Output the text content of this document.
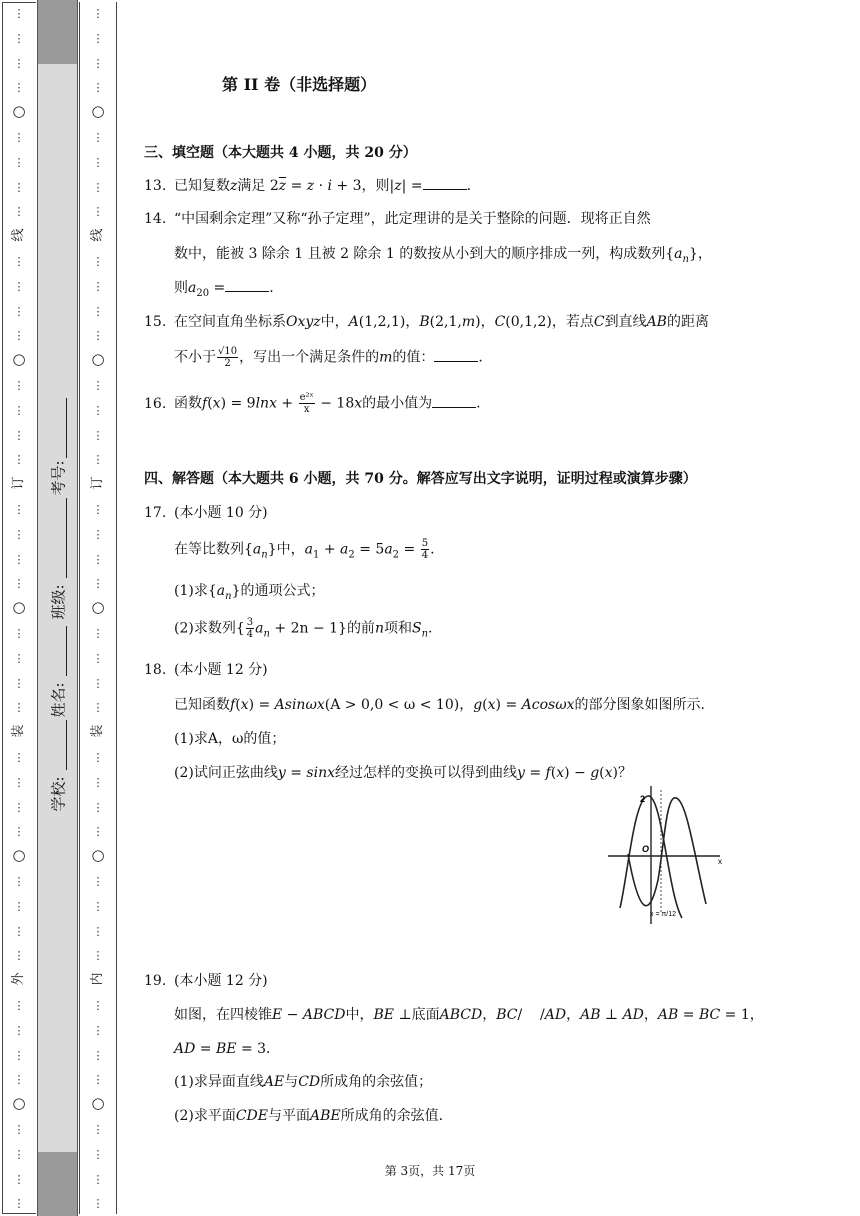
⋮
⋮
⋮
⋮
⋮
⋮
⋮
⋮
⋮
⋮
⋮
⋮
⋮
⋮
⋮
⋮
⋮
⋮
⋮
⋮
⋮
⋮
⋮
⋮
⋮
⋮
⋮
⋮
⋮
⋮
⋮
⋮
⋮
⋮
⋮
⋮
⋮
⋮
⋮
⋮
○
○
○
○
○
线
订
装
外
学校:
姓名:
班级:
考号:
⋮
⋮
⋮
⋮
⋮
⋮
⋮
⋮
⋮
⋮
⋮
⋮
⋮
⋮
⋮
⋮
⋮
⋮
⋮
⋮
⋮
⋮
⋮
⋮
⋮
⋮
⋮
⋮
⋮
⋮
⋮
⋮
⋮
⋮
⋮
⋮
⋮
⋮
⋮
⋮
○
○
○
○
○
线
订
装
内
第 II 卷（非选择题）
三、填空题（本大题共 4 小题，共 20 分）
13. 已知复数z满足 $2\overline{z} = z \cdot i + 3$，则|z| =	.
14. “中国剩余定理”又称“孙子定理”，此定理讲的是关于整除的问题．现将正自然
数中，能被 3 除余 1 且被 2 除余 1 的数按从小到大的顺序排成一列，构成数列$\{a_n\}$，
则$a_{20}$ =	.
15. 在空间直角坐标系Oxyz中，A(1,2,1)，B(2,1,m)，C(0,1,2)，若点C到直线AB的距离
不小于 $\frac{√10}{2}$ ，写出一个满足条件的m的值：	.
16. 函数$f(x) = 9\ln x + \frac{\text{e²ˣ}}{x} - 18x$的最小值为	.
四、解答题（本大题共 6 小题，共 70 分。解答应写出文字说明，证明过程或演算步骤）
17. (本小题 10 分)
在等比数列$\{a_n\}$中，$a_1 + a_2 = 5a_2 = \frac{5}{4}$ .
(1)求$\{a_n\}$的通项公式；
(2)求数列{ $\frac{3}{4} a_n + 2n - 1$}的前n项和$S_n$.
18. (本小题 12 分)
已知函数f(x) = Asinωx(A > 0,0 < ω < 10)，g(x) = Acosωx的部分图象如图所示．
(1)求A，ω的值；
(2)试问正弦曲线y = sinx经过怎样的变换可以得到曲线y = f(x) − g(x)？
19. (本小题 12 分)
如图，在四棱锥E − ABCD中，BE ⊥底面ABCD，BC/    /AD，AB ⊥ AD，AB = BC = 1，
AD = BE = 3．
(1)求异面直线AE与CD所成角的余弦值；
(2)求平面CDE与平面ABE所成角的余弦值.
2
O
x
x = π/12
第 3页，共 17页
